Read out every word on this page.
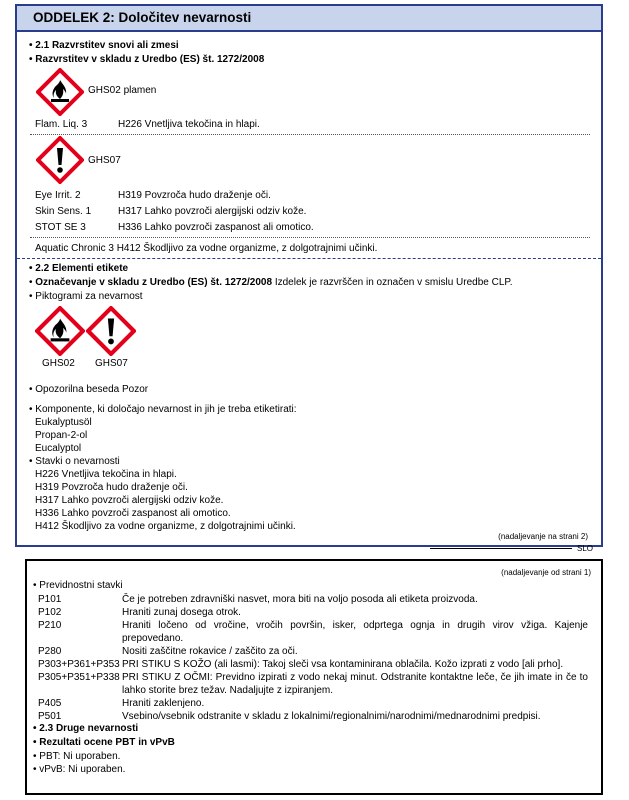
ODDELEK 2: Določitev nevarnosti
• 2.1 Razvrstitev snovi ali zmesi
• Razvrstitev v skladu z Uredbo (ES) št. 1272/2008
GHS02 plamen
Flam. Liq. 3	H226 Vnetljiva tekočina in hlapi.
GHS07
Eye Irrit. 2	H319 Povzroča hudo draženje oči.
Skin Sens. 1	H317 Lahko povzroči alergijski odziv kože.
STOT SE 3	H336 Lahko povzroči zaspanost ali omotico.
Aquatic Chronic 3 H412 Škodljivo za vodne organizme, z dolgotrajnimi učinki.
• 2.2 Elementi etikete
• Označevanje v skladu z Uredbo (ES) št. 1272/2008 Izdelek je razvrščen in označen v smislu Uredbe CLP.
• Piktogrami za nevarnost
GHS02 GHS07
• Opozorilna beseda Pozor
• Komponente, ki določajo nevarnost in jih je treba etiketirati:
Eukalyptusöl
Propan-2-ol
Eucalyptol
• Stavki o nevarnosti
H226 Vnetljiva tekočina in hlapi.
H319 Povzroča hudo draženje oči.
H317 Lahko povzroči alergijski odziv kože.
H336 Lahko povzroči zaspanost ali omotico.
H412 Škodljivo za vodne organizme, z dolgotrajnimi učinki.
(nadaljevanje na strani 2)
SLO
(nadaljevanje od strani 1)
• Previdnostni stavki
P101	Če je potreben zdravniški nasvet, mora biti na voljo posoda ali etiketa proizvoda.
P102	Hraniti zunaj dosega otrok.
P210	Hraniti ločeno od vročine, vročih površin, isker, odprtega ognja in drugih virov vžiga. Kajenje
prepovedano.
P280	Nositi zaščitne rokavice / zaščito za oči.
P303+P361+P353 PRI STIKU S KOŽO (ali lasmi): Takoj sleči vsa kontaminirana oblačila. Kožo izprati z vodo [ali prho].
P305+P351+P338 PRI STIKU Z OČMI: Previdno izpirati z vodo nekaj minut. Odstranite kontaktne leče, če jih imate in če to
lahko storite brez težav. Nadaljujte z izpiranjem.
P405	Hraniti zaklenjeno.
P501	Vsebino/vsebnik odstranite v skladu z lokalnimi/regionalnimi/narodnimi/mednarodnimi predpisi.
• 2.3 Druge nevarnosti
• Rezultati ocene PBT in vPvB
• PBT: Ni uporaben.
• vPvB: Ni uporaben.
